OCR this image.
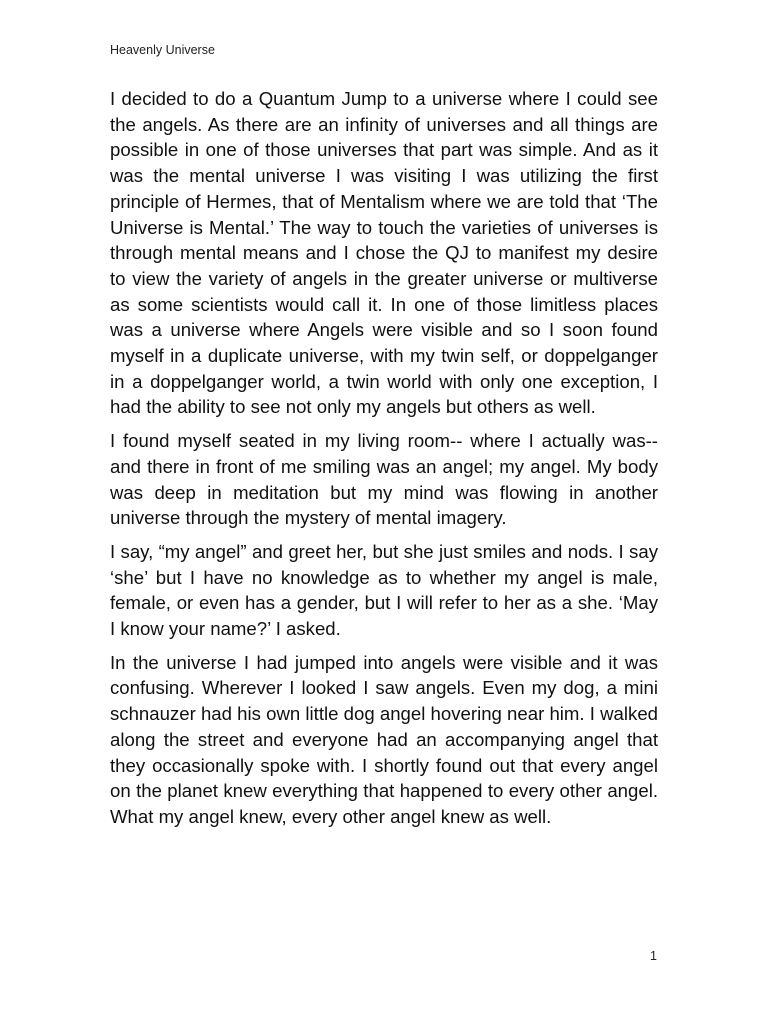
Heavenly Universe

I decided to do a Quantum Jump to a universe where I could see the angels. As there are an infinity of universes and all things are possible in one of those universes that part was simple. And as it was the mental universe I was visiting I was utilizing the first principle of Hermes, that of Mentalism where we are told that ‘The Universe is Mental.’ The way to touch the varieties of universes is through mental means and I chose the QJ to manifest my desire to view the variety of angels in the greater universe or multiverse as some scientists would call it. In one of those limitless places was a universe where Angels were visible and so I soon found myself in a duplicate universe, with my twin self, or doppelganger in a doppelganger world, a twin world with only one exception, I had the ability to see not only my angels but others as well.

I found myself seated in my living room-- where I actually was-- and there in front of me smiling was an angel; my angel. My body was deep in meditation but my mind was flowing in another universe through the mystery of mental imagery.

I say, “my angel” and greet her, but she just smiles and nods. I say ‘she’ but I have no knowledge as to whether my angel is male, female, or even has a gender, but I will refer to her as a she. ‘May I know your name?’ I asked.

In the universe I had jumped into angels were visible and it was confusing. Wherever I looked I saw angels. Even my dog, a mini schnauzer had his own little dog angel hovering near him. I walked along the street and everyone had an accompanying angel that they occasionally spoke with. I shortly found out that every angel on the planet knew everything that happened to every other angel. What my angel knew, every other angel knew as well.

1
